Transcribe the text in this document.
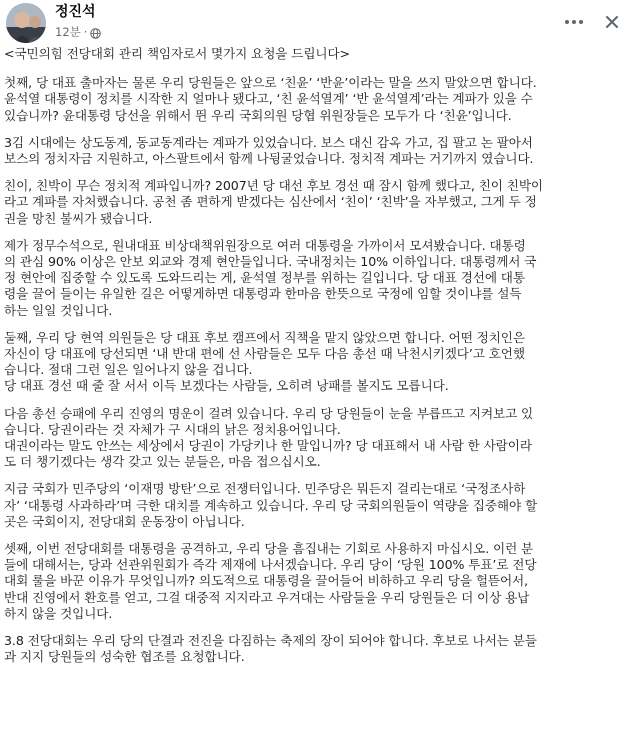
정진석
12분 ·
<국민의힘 전당대회 관리 책임자로서 몇가지 요청을 드립니다>
첫째, 당 대표 출마자는 물론 우리 당원들은 앞으로 ‘친윤’ ‘반윤’이라는 말을 쓰지 말았으면 합니다.
윤석열 대통령이 정치를 시작한 지 얼마나 됐다고, ‘친 윤석열계’ ‘반 윤석열계’라는 계파가 있을 수
있습니까? 윤대통령 당선을 위해서 뛴 우리 국회의원 당협 위원장들은 모두가 다 ‘친윤’입니다.
3김 시대에는 상도동계, 동교동계라는 계파가 있었습니다. 보스 대신 감옥 가고, 집 팔고 논 팔아서
보스의 정치자금 지원하고, 아스팔트에서 함께 나뒹굴었습니다. 정치적 계파는 거기까지 였습니다.
친이, 친박이 무슨 정치적 계파입니까? 2007년 당 대선 후보 경선 때 잠시 함께 했다고, 친이 친박이
라고 계파를 자처했습니다. 공천 좀 편하게 받겠다는 심산에서 ‘친이’ ‘친박’을 자부했고, 그게 두 정
권을 망친 불씨가 됐습니다.
제가 정무수석으로, 원내대표 비상대책위원장으로 여러 대통령을 가까이서 모셔봤습니다. 대통령
의 관심 90% 이상은 안보 외교와 경제 현안들입니다. 국내정치는 10% 이하입니다. 대통령께서 국
정 현안에 집중할 수 있도록 도와드리는 게, 윤석열 정부를 위하는 길입니다. 당 대표 경선에 대통
령을 끌어 들이는 유일한 길은 어떻게하면 대통령과 한마음 한뜻으로 국정에 임할 것이냐를 설득
하는 일일 것입니다.
둘째, 우리 당 현역 의원들은 당 대표 후보 캠프에서 직책을 맡지 않았으면 합니다. 어떤 정치인은
자신이 당 대표에 당선되면 ‘내 반대 편에 선 사람들은 모두 다음 총선 때 낙천시키겠다’고 호언했
습니다. 절대 그런 일은 일어나지 않을 겁니다.
당 대표 경선 때 줄 잘 서서 이득 보겠다는 사람들, 오히려 낭패를 볼지도 모릅니다.
다음 총선 승패에 우리 진영의 명운이 걸려 있습니다. 우리 당 당원들이 눈을 부릅뜨고 지켜보고 있
습니다. 당권이라는 것 자체가 구 시대의 낡은 정치용어입니다.
대권이라는 말도 안쓰는 세상에서 당권이 가당키나 한 말입니까? 당 대표해서 내 사람 한 사람이라
도 더 챙기겠다는 생각 갖고 있는 분들은, 마음 접으십시오.
지금 국회가 민주당의 ‘이재명 방탄’으로 전쟁터입니다. 민주당은 뭐든지 걸리는대로 ‘국정조사하
자’ ‘대통령 사과하라’며 극한 대치를 계속하고 있습니다. 우리 당 국회의원들이 역량을 집중해야 할
곳은 국회이지, 전당대회 운동장이 아닙니다.
셋째, 이번 전당대회를 대통령을 공격하고, 우리 당을 흠집내는 기회로 사용하지 마십시오. 이런 분
들에 대해서는, 당과 선관위원회가 즉각 제재에 나서겠습니다. 우리 당이 ‘당원 100% 투표’로 전당
대회 룰을 바꾼 이유가 무엇입니까? 의도적으로 대통령을 끌어들어 비하하고 우리 당을 헐뜯어서,
반대 진영에서 환호를 얻고, 그걸 대중적 지지라고 우겨대는 사람들을 우리 당원들은 더 이상 용납
하지 않을 것입니다.
3.8 전당대회는 우리 당의 단결과 전진을 다짐하는 축제의 장이 되어야 합니다. 후보로 나서는 분들
과 지지 당원들의 성숙한 협조를 요청합니다.
